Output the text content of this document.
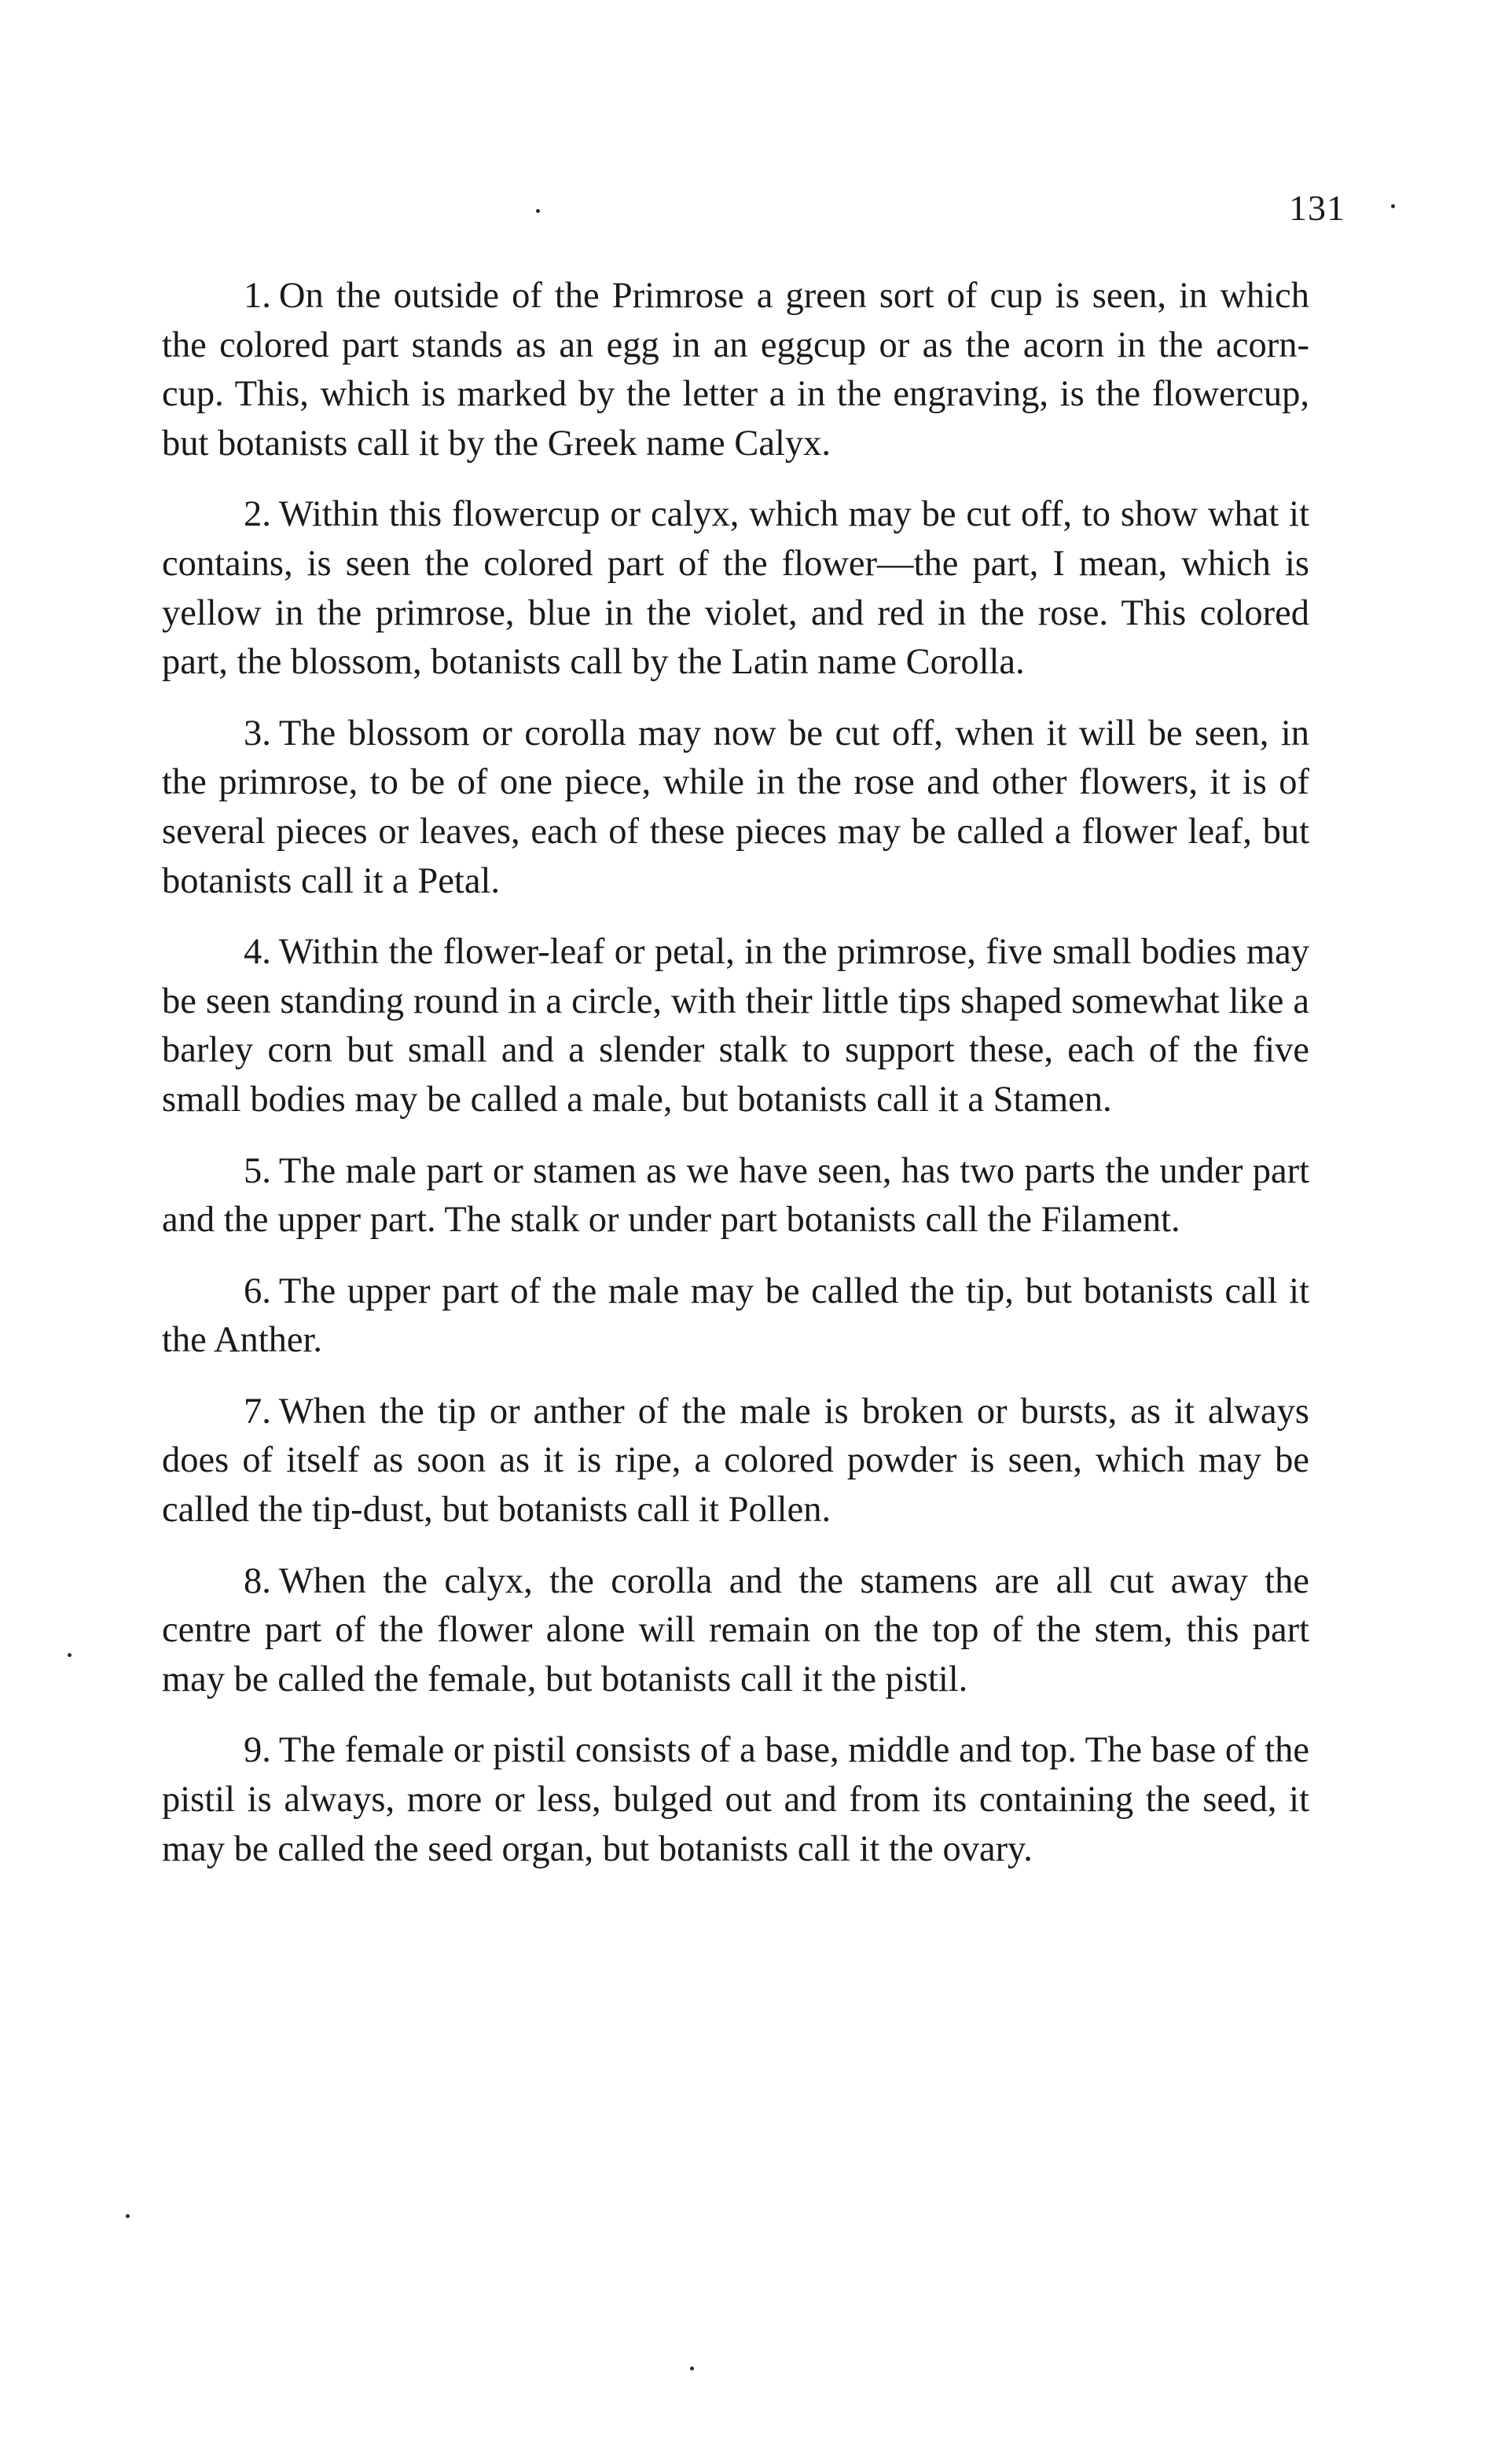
131

1. On the outside of the Primrose a green sort of cup is seen, in which the colored part stands as an egg in an eggcup or as the acorn in the acorn-cup. This, which is marked by the letter a in the engraving, is the flowercup, but botanists call it by the Greek name Calyx.

2. Within this flowercup or calyx, which may be cut off, to show what it contains, is seen the colored part of the flower—the part, I mean, which is yellow in the primrose, blue in the violet, and red in the rose. This colored part, the blossom, botanists call by the Latin name Corolla.

3. The blossom or corolla may now be cut off, when it will be seen, in the primrose, to be of one piece, while in the rose and other flowers, it is of several pieces or leaves, each of these pieces may be called a flower leaf, but botanists call it a Petal.

4. Within the flower-leaf or petal, in the primrose, five small bodies may be seen standing round in a circle, with their little tips shaped somewhat like a barley corn but small and a slender stalk to support these, each of the five small bodies may be called a male, but botanists call it a Stamen.

5. The male part or stamen as we have seen, has two parts the under part and the upper part. The stalk or under part botanists call the Filament.

6. The upper part of the male may be called the tip, but botanists call it the Anther.

7. When the tip or anther of the male is broken or bursts, as it always does of itself as soon as it is ripe, a colored powder is seen, which may be called the tip-dust, but botanists call it Pollen.

8. When the calyx, the corolla and the stamens are all cut away the centre part of the flower alone will remain on the top of the stem, this part may be called the female, but botanists call it the pistil.

9. The female or pistil consists of a base, middle and top. The base of the pistil is always, more or less, bulged out and from its containing the seed, it may be called the seed organ, but botanists call it the ovary.
